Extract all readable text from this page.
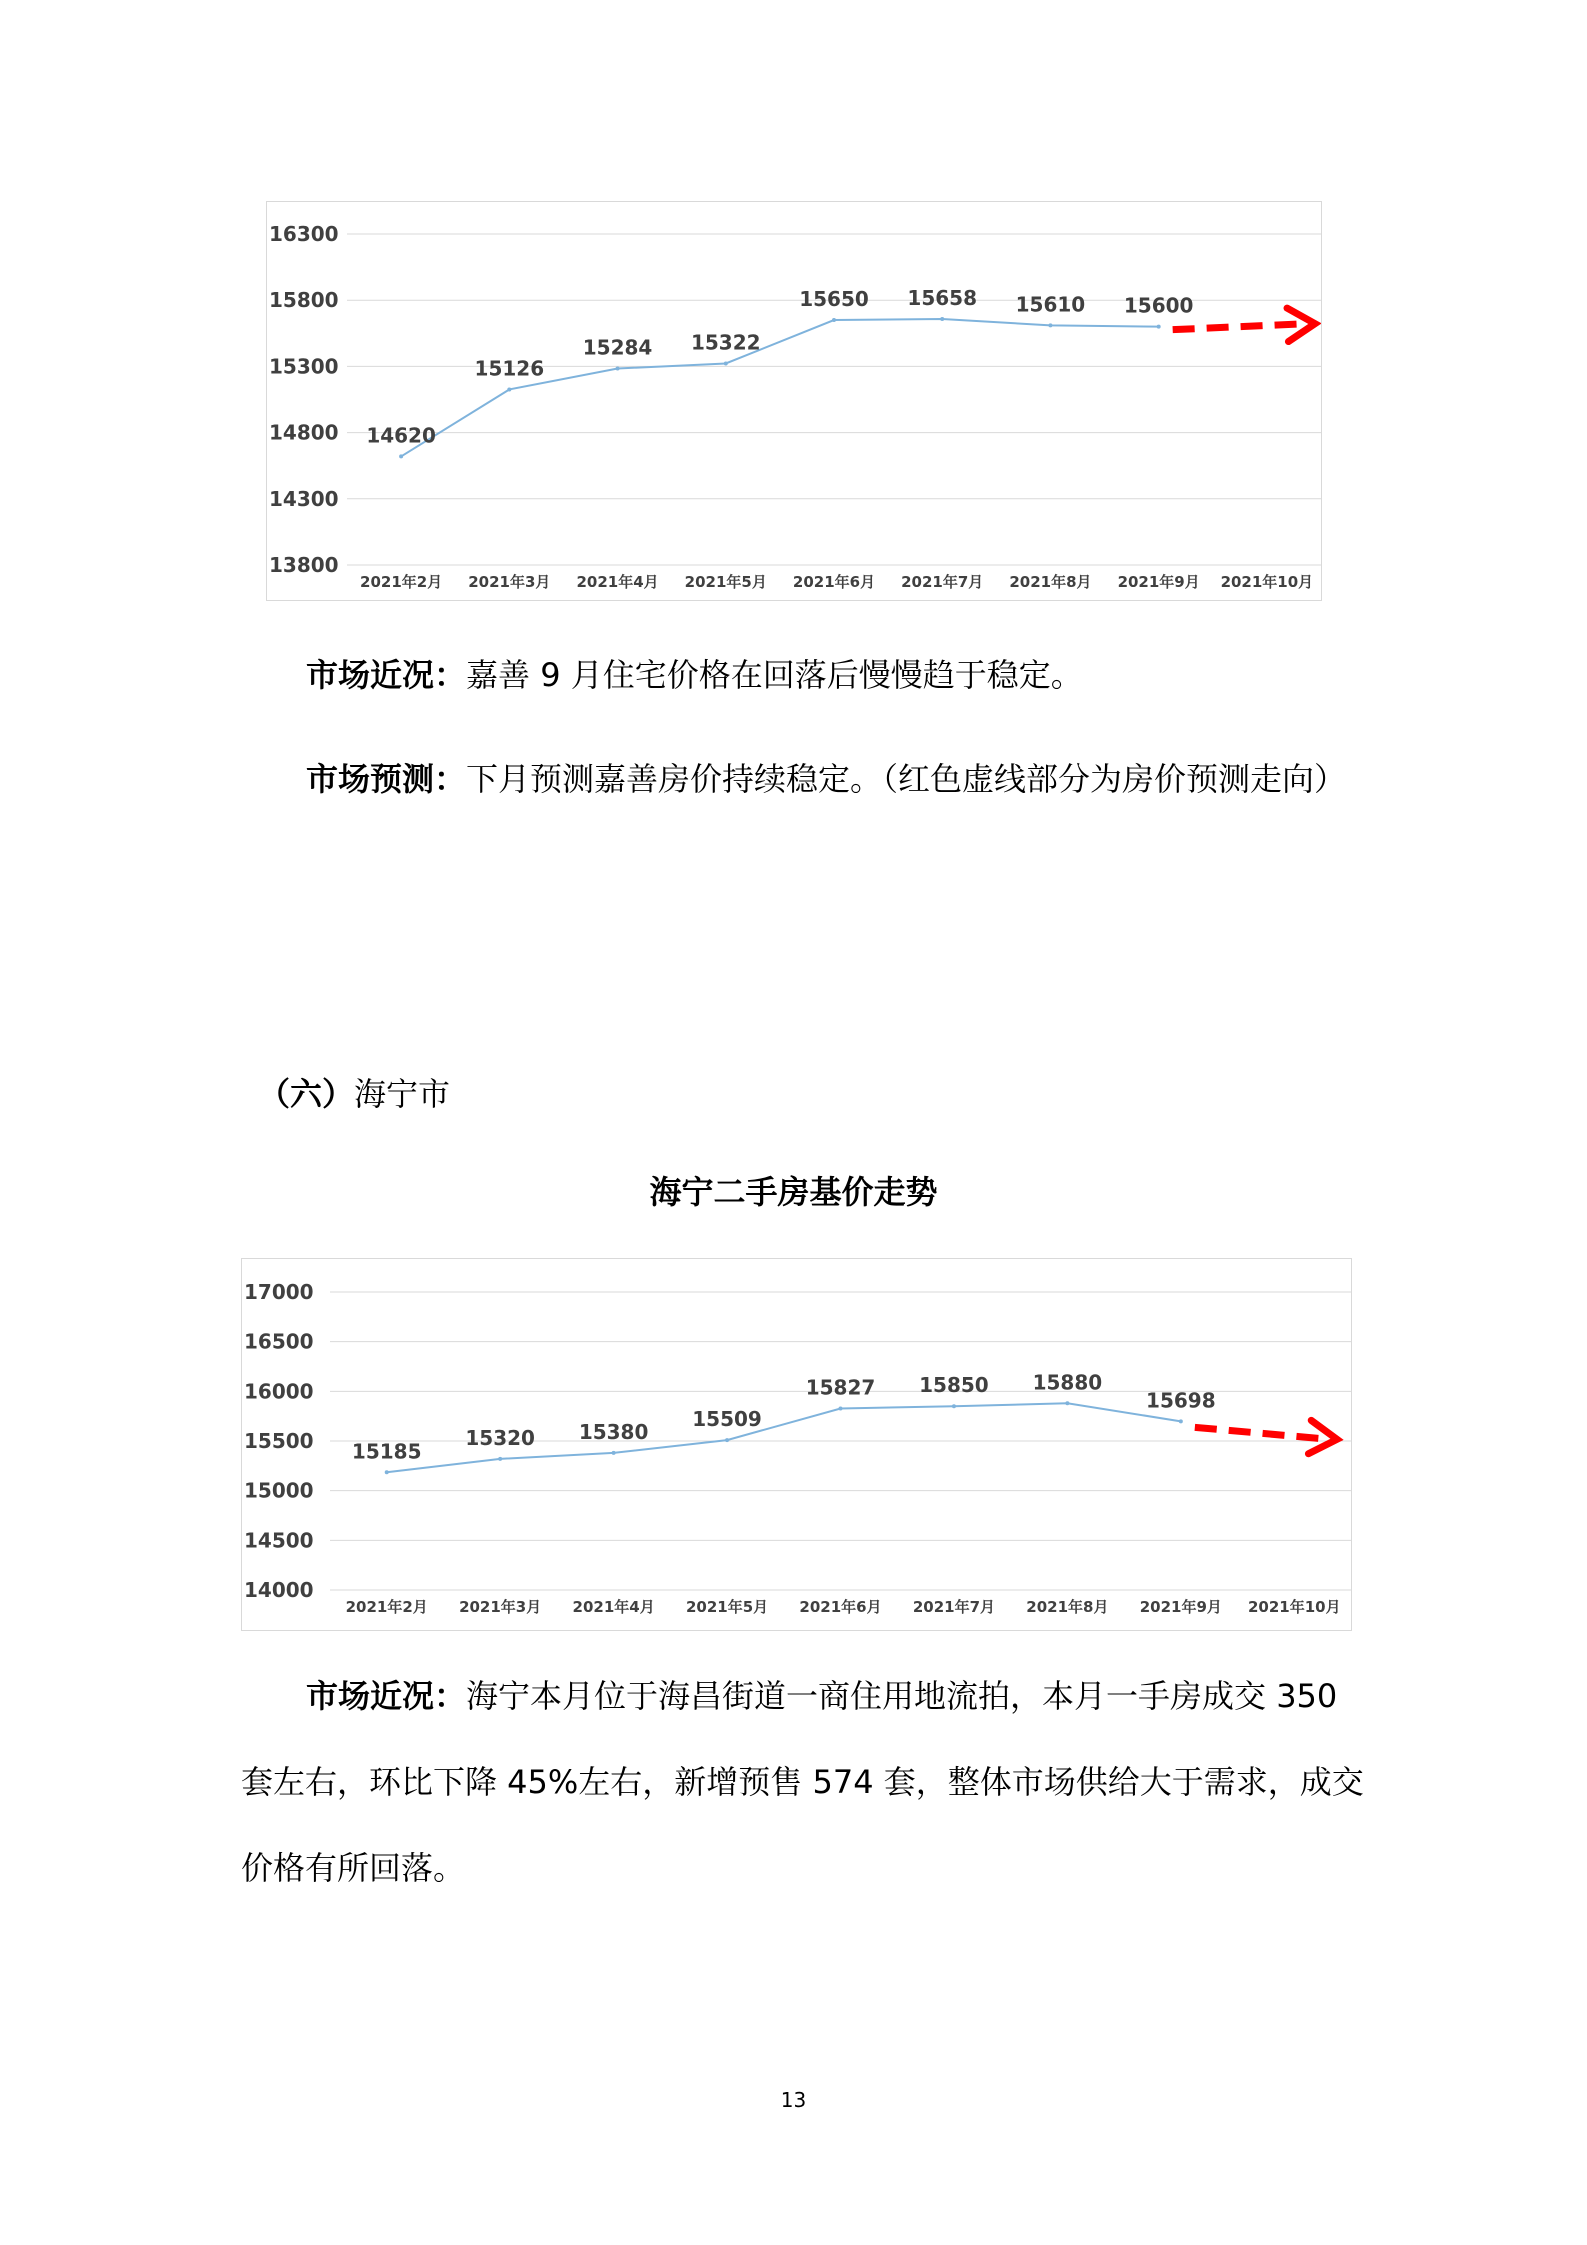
13800
14300
14800
15300
15800
16300
2021年2月 2021年3月 2021年4月 2021年5月 2021年6月 2021年7月 2021年8月 2021年9月 2021年10月
14620
15126
15284 15322
15650 15658 15610 15600
市场近况：嘉善 9 月住宅价格在回落后慢慢趋于稳定。
市场预测：下月预测嘉善房价持续稳定。（红色虚线部分为房价预测走向）
（六）海宁市
海宁二手房基价走势
14000
14500
15000
15500
16000
16500
17000
2021年2月 2021年3月 2021年4月 2021年5月 2021年6月 2021年7月 2021年8月 2021年9月 2021年10月
15185
15320 15380
15509
15827 15850 15880
15698
市场近况：海宁本月位于海昌街道一商住用地流拍，本月一手房成交 350
套左右，环比下降 45%左右，新增预售 574 套，整体市场供给大于需求，成交
价格有所回落。
13
